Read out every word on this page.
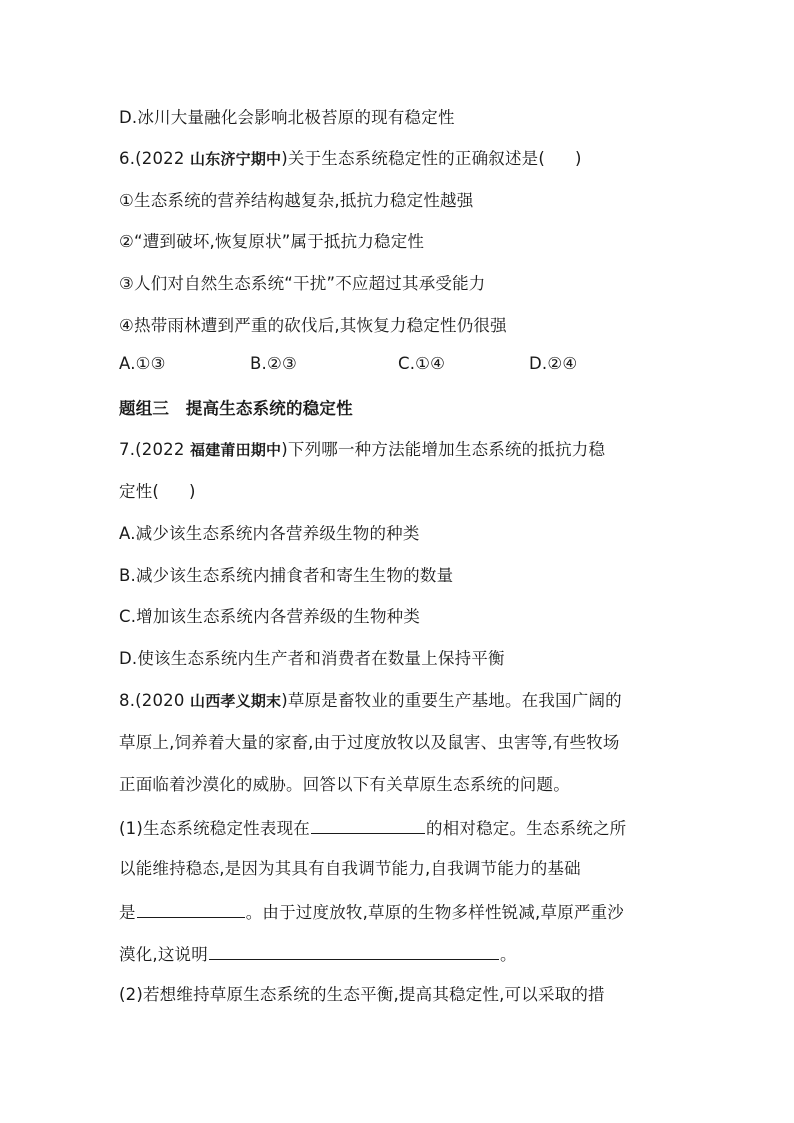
D.冰川大量融化会影响北极苔原的现有稳定性
6.(2022 山东济宁期中)关于生态系统稳定性的正确叙述是( )
①生态系统的营养结构越复杂,抵抗力稳定性越强
②“遭到破坏,恢复原状”属于抵抗力稳定性
③人们对自然生态系统“干扰”不应超过其承受能力
④热带雨林遭到严重的砍伐后,其恢复力稳定性仍很强
A.①③	B.②③	C.①④	D.②④
题组三　提高生态系统的稳定性
7.(2022 福建莆田期中)下列哪一种方法能增加生态系统的抵抗力稳
定性( )
A.减少该生态系统内各营养级生物的种类
B.减少该生态系统内捕食者和寄生生物的数量
C.增加该生态系统内各营养级的生物种类
D.使该生态系统内生产者和消费者在数量上保持平衡
8.(2020 山西孝义期末)草原是畜牧业的重要生产基地。在我国广阔的
草原上,饲养着大量的家畜,由于过度放牧以及鼠害、虫害等,有些牧场
正面临着沙漠化的威胁。回答以下有关草原生态系统的问题。
(1)生态系统稳定性表现在	的相对稳定。生态系统之所
以能维持稳态,是因为其具有自我调节能力,自我调节能力的基础
是	。由于过度放牧,草原的生物多样性锐减,草原严重沙
漠化,这说明	。
(2)若想维持草原生态系统的生态平衡,提高其稳定性,可以采取的措
